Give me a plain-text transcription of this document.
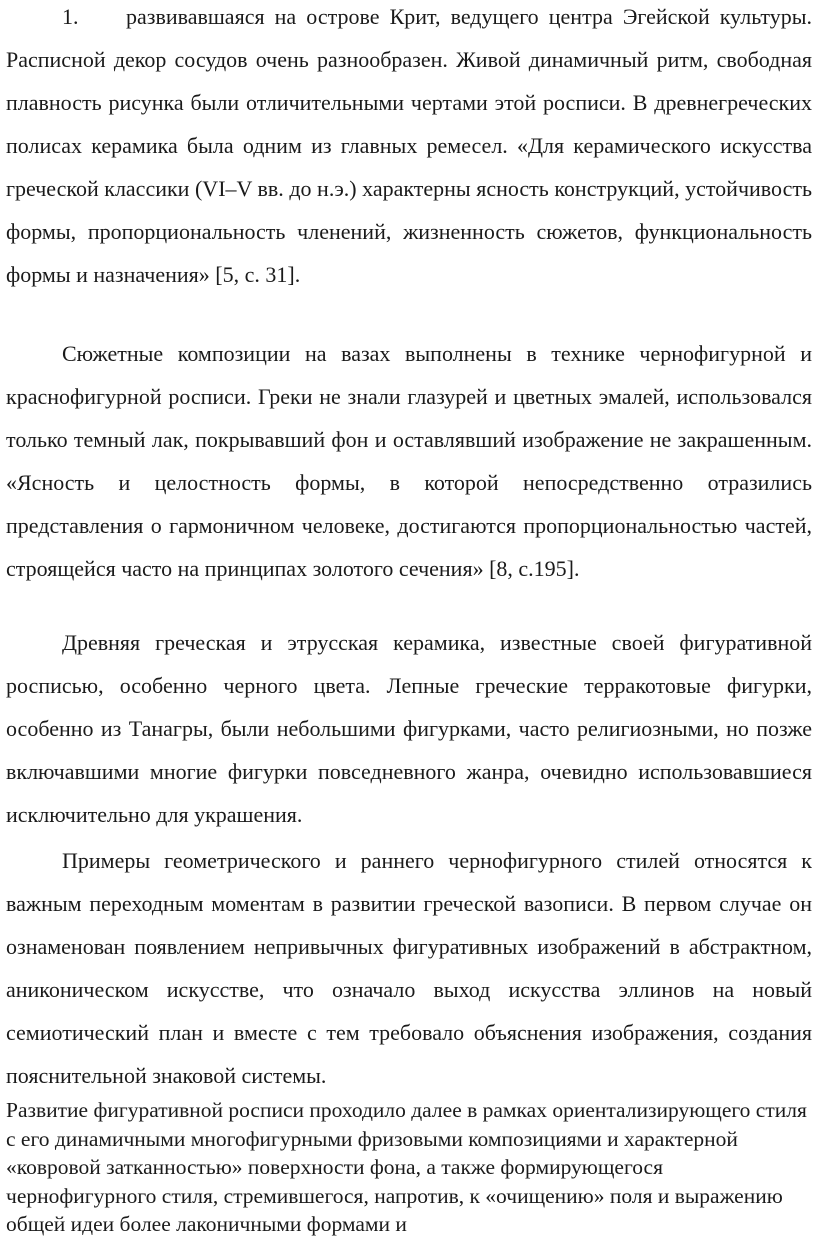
1. развивавшаяся на острове Крит, ведущего центра Эгейской культуры. Расписной декор сосудов очень разнообразен. Живой динамичный ритм, свободная плавность рисунка были отличительными чертами этой росписи. В древнегреческих полисах керамика была одним из главных ремесел. «Для керамического искусства греческой классики (VI–V вв. до н.э.) характерны ясность конструкций, устойчивость формы, пропорциональность членений, жизненность сюжетов, функциональность формы и назначения» [5, с. 31].

Сюжетные композиции на вазах выполнены в технике чернофигурной и краснофигурной росписи. Греки не знали глазурей и цветных эмалей, использовался только темный лак, покрывавший фон и оставлявший изображение не закрашенным. «Ясность и целостность формы, в которой непосредственно отразились представления о гармоничном человеке, достигаются пропорциональностью частей, строящейся часто на принципах золотого сечения» [8, с.195].

Древняя греческая и этрусская керамика, известные своей фигуративной росписью, особенно черного цвета. Лепные греческие терракотовые фигурки, особенно из Танагры, были небольшими фигурками, часто религиозными, но позже включавшими многие фигурки повседневного жанра, очевидно использовавшиеся исключительно для украшения.

Примеры геометрического и раннего чернофигурного стилей относятся к важным переходным моментам в развитии греческой вазописи. В первом случае он ознаменован появлением непривычных фигуративных изображений в абстрактном, аниконическом искусстве, что означало выход искусства эллинов на новый семиотический план и вместе с тем требовало объяснения изображения, создания пояснительной знаковой системы.

Развитие фигуративной росписи проходило далее в рамках ориентализирующего стиля с его динамичными многофигурными фризовыми композициями и характерной «ковровой затканностью» поверхности фона, а также формирующегося чернофигурного стиля, стремившегося, напротив, к «очищению» поля и выражению общей идеи более лаконичными формами и
